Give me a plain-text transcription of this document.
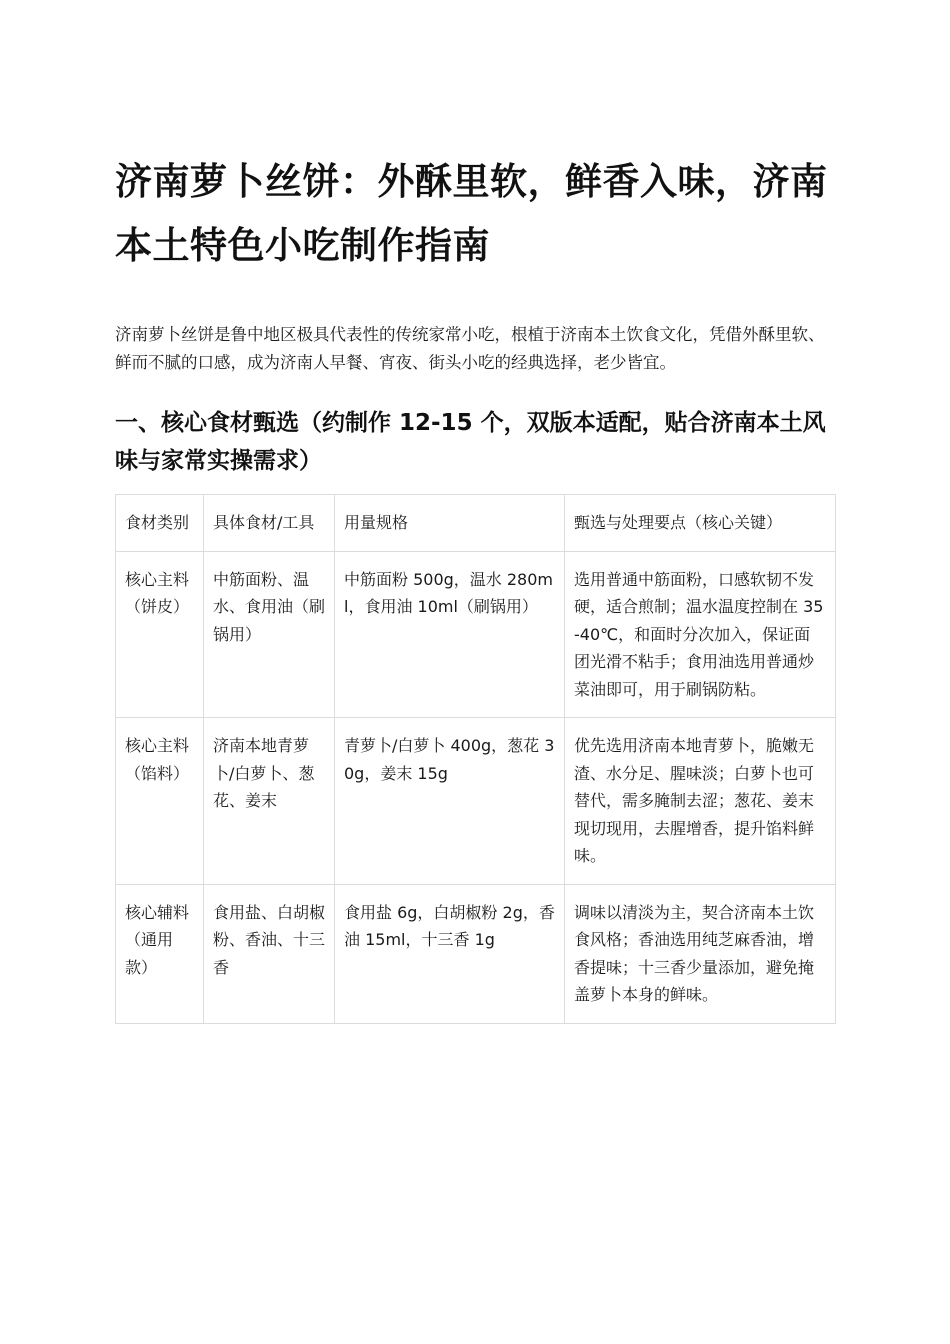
济南萝卜丝饼：外酥里软，鲜香入味，济南本土特色小吃制作指南

济南萝卜丝饼是鲁中地区极具代表性的传统家常小吃，根植于济南本土饮食文化，凭借外酥里软、鲜而不腻的口感，成为济南人早餐、宵夜、街头小吃的经典选择，老少皆宜。

一、核心食材甄选（约制作 12-15 个，双版本适配，贴合济南本土风味与家常实操需求）
食材类别	具体食材/工具	用量规格	甄选与处理要点（核心关键）
核心主料（饼皮）	中筋面粉、温水、食用油（刷锅用）	中筋面粉 500g，温水 280ml，食用油 10ml（刷锅用）	选用普通中筋面粉，口感软韧不发硬，适合煎制；温水温度控制在 35-40℃，和面时分次加入，保证面团光滑不粘手；食用油选用普通炒菜油即可，用于刷锅防粘。
核心主料（馅料）	济南本地青萝卜/白萝卜、葱花、姜末	青萝卜/白萝卜 400g，葱花 30g，姜末 15g	优先选用济南本地青萝卜，脆嫩无渣、水分足、腥味淡；白萝卜也可替代，需多腌制去涩；葱花、姜末现切现用，去腥增香，提升馅料鲜味。
核心辅料（通用款）	食用盐、白胡椒粉、香油、十三香	食用盐 6g，白胡椒粉 2g，香油 15ml，十三香 1g	调味以清淡为主，契合济南本土饮食风格；香油选用纯芝麻香油，增香提味；十三香少量添加，避免掩盖萝卜本身的鲜味。
